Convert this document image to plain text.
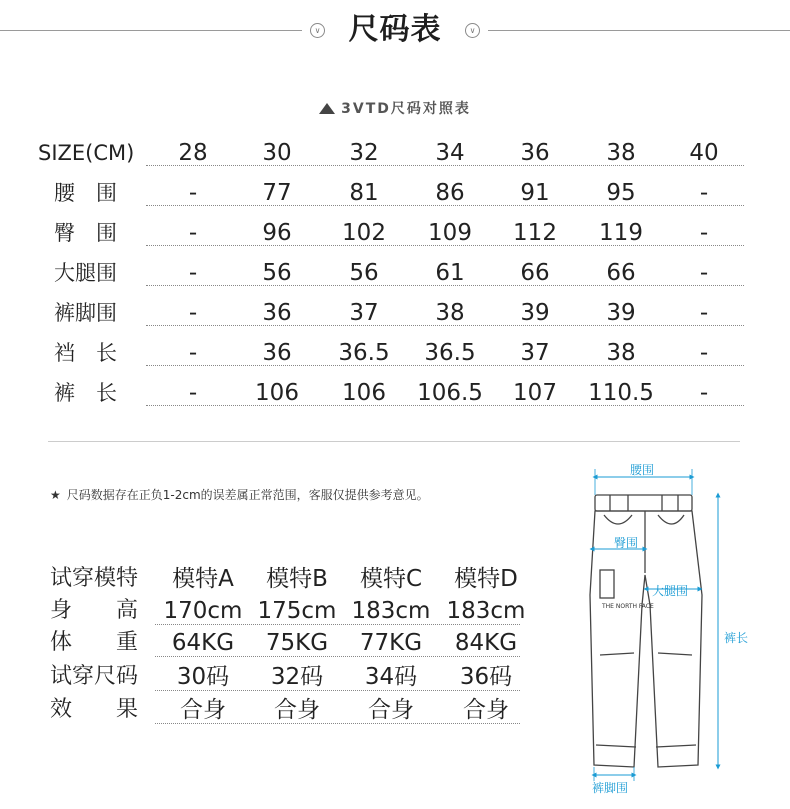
∨ 尺码表	∨
3VTD尺码对照表
SIZE(CM)	28	30	32	34	36	38	40
腰　围	-	77	81	86	91	95	-
臀　围	-	96	102	109	112	119	-
大腿围	-	56	56	61	66	66	-
裤脚围	-	36	37	38	39	39	-
裆　长	-	36	36.5	36.5	37	38	-
裤　长	-	106	106	106.5	107	110.5	-
★ 尺码数据存在正负1-2cm的误差属正常范围，客服仅提供参考意见。
试穿模特	模特A	模特B	模特C	模特D
身　　高	170cm 175cm 183cm 183cm
体　　重	64KG	75KG	77KG	84KG
试穿尺码	30码	32码	34码	36码
效　　果	合身	合身	合身	合身
THE NORTH FACE
腰围
臀围
大腿围
裤长
裤脚围
